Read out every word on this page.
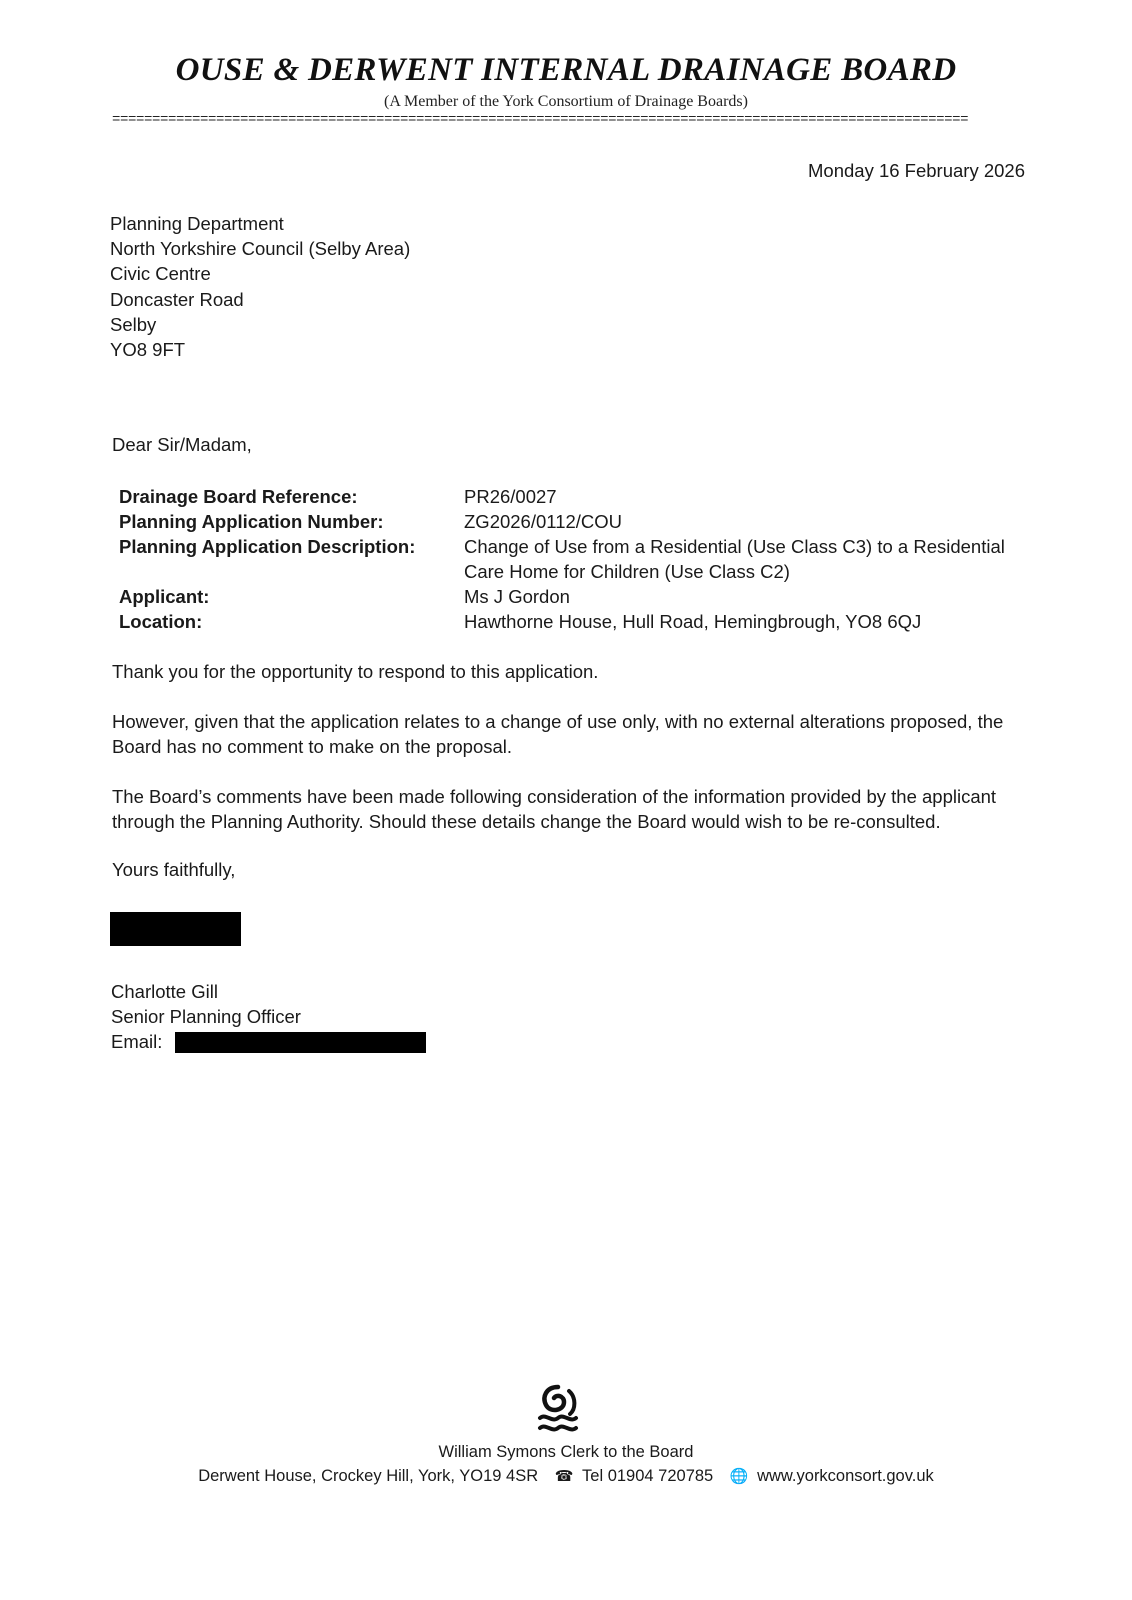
OUSE & DERWENT INTERNAL DRAINAGE BOARD
(A Member of the York Consortium of Drainage Boards)
===========================================================================================================
Monday 16 February 2026
Planning Department
North Yorkshire Council (Selby Area)
Civic Centre
Doncaster Road
Selby
YO8 9FT
Dear Sir/Madam,
Drainage Board Reference:	PR26/0027
Planning Application Number:	ZG2026/0112/COU
Planning Application Description:	Change of Use from a Residential (Use Class C3) to a Residential Care Home for Children (Use Class C2)
Applicant:	Ms J Gordon
Location:	Hawthorne House, Hull Road, Hemingbrough, YO8 6QJ
Thank you for the opportunity to respond to this application.
However, given that the application relates to a change of use only, with no external alterations proposed, the Board has no comment to make on the proposal.
The Board’s comments have been made following consideration of the information provided by the applicant through the Planning Authority. Should these details change the Board would wish to be re-consulted.
Yours faithfully,
Charlotte Gill
Senior Planning Officer
Email:
William Symons Clerk to the Board
Derwent House, Crockey Hill, York, YO19 4SR ☎ Tel 01904 720785 🌐 www.yorkconsort.gov.uk
